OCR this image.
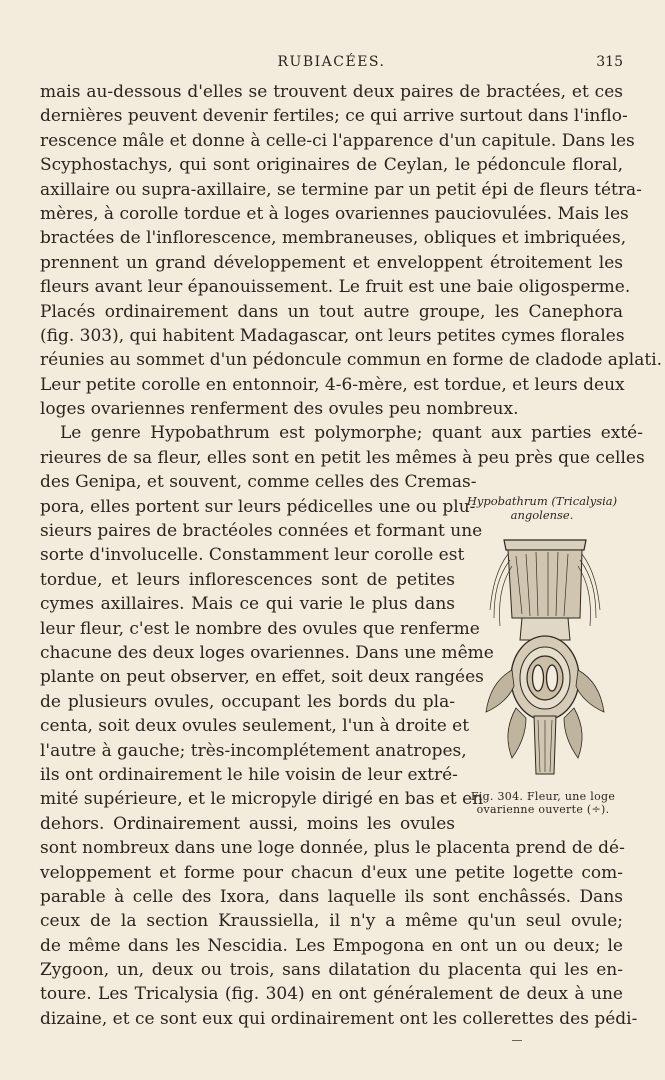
RUBIACÉES.	315
mais au-dessous d'elles se trouvent deux paires de bractées, et ces
dernières peuvent devenir fertiles; ce qui arrive surtout dans l'inflo-
rescence mâle et donne à celle-ci l'apparence d'un capitule. Dans les
Scyphostachys, qui sont originaires de Ceylan, le pédoncule floral,
axillaire ou supra-axillaire, se termine par un petit épi de fleurs tétra-
mères, à corolle tordue et à loges ovariennes pauciovulées. Mais les
bractées de l'inflorescence, membraneuses, obliques et imbriquées,
prennent un grand développement et enveloppent étroitement les
fleurs avant leur épanouissement. Le fruit est une baie oligosperme.
Placés ordinairement dans un tout autre groupe, les Canephora
(fig. 303), qui habitent Madagascar, ont leurs petites cymes florales
réunies au sommet d'un pédoncule commun en forme de cladode aplati.
Leur petite corolle en entonnoir, 4-6-mère, est tordue, et leurs deux
loges ovariennes renferment des ovules peu nombreux.
Le genre Hypobathrum est polymorphe; quant aux parties exté-
rieures de sa fleur, elles sont en petit les mêmes à peu près que celles
des Genipa, et souvent, comme celles des Cremas-
pora, elles portent sur leurs pédicelles une ou plu-
sieurs paires de bractéoles connées et formant une
sorte d'involucelle. Constamment leur corolle est
tordue, et leurs inflorescences sont de petites
cymes axillaires. Mais ce qui varie le plus dans
leur fleur, c'est le nombre des ovules que renferme
chacune des deux loges ovariennes. Dans une même
plante on peut observer, en effet, soit deux rangées
de plusieurs ovules, occupant les bords du pla-
centa, soit deux ovules seulement, l'un à droite et
l'autre à gauche; très-incomplétement anatropes,
ils ont ordinairement le hile voisin de leur extré-
mité supérieure, et le micropyle dirigé en bas et en
dehors. Ordinairement aussi, moins les ovules
sont nombreux dans une loge donnée, plus le placenta prend de dé-
veloppement et forme pour chacun d'eux une petite logette com-
parable à celle des Ixora, dans laquelle ils sont enchâssés. Dans
ceux de la section Kraussiella, il n'y a même qu'un seul ovule;
de même dans les Nescidia. Les Empogona en ont un ou deux; le
Zygoon, un, deux ou trois, sans dilatation du placenta qui les en-
toure. Les Tricalysia (fig. 304) en ont généralement de deux à une
dizaine, et ce sont eux qui ordinairement ont les collerettes des pédi-
Hypobathrum (Tricalysia)
angolense.
Fig. 304. Fleur, une loge
ovarienne ouverte (÷).
